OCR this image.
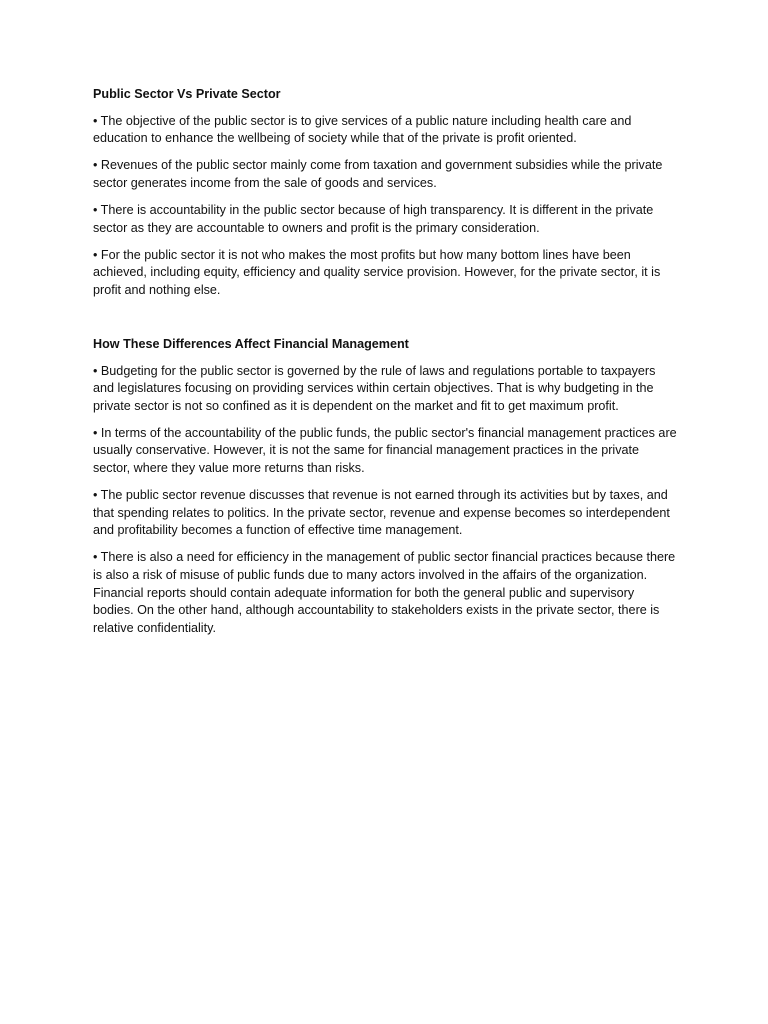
Public Sector Vs Private Sector

• The objective of the public sector is to give services of a public nature including health care and education to enhance the wellbeing of society while that of the private is profit oriented.

• Revenues of the public sector mainly come from taxation and government subsidies while the private sector generates income from the sale of goods and services.

• There is accountability in the public sector because of high transparency. It is different in the private sector as they are accountable to owners and profit is the primary consideration.

• For the public sector it is not who makes the most profits but how many bottom lines have been achieved, including equity, efficiency and quality service provision. However, for the private sector, it is profit and nothing else.

How These Differences Affect Financial Management

• Budgeting for the public sector is governed by the rule of laws and regulations portable to taxpayers and legislatures focusing on providing services within certain objectives. That is why budgeting in the private sector is not so confined as it is dependent on the market and fit to get maximum profit.

• In terms of the accountability of the public funds, the public sector's financial management practices are usually conservative. However, it is not the same for financial management practices in the private sector, where they value more returns than risks.

• The public sector revenue discusses that revenue is not earned through its activities but by taxes, and that spending relates to politics. In the private sector, revenue and expense becomes so interdependent and profitability becomes a function of effective time management.

• There is also a need for efficiency in the management of public sector financial practices because there is also a risk of misuse of public funds due to many actors involved in the affairs of the organization. Financial reports should contain adequate information for both the general public and supervisory bodies. On the other hand, although accountability to stakeholders exists in the private sector, there is relative confidentiality.
